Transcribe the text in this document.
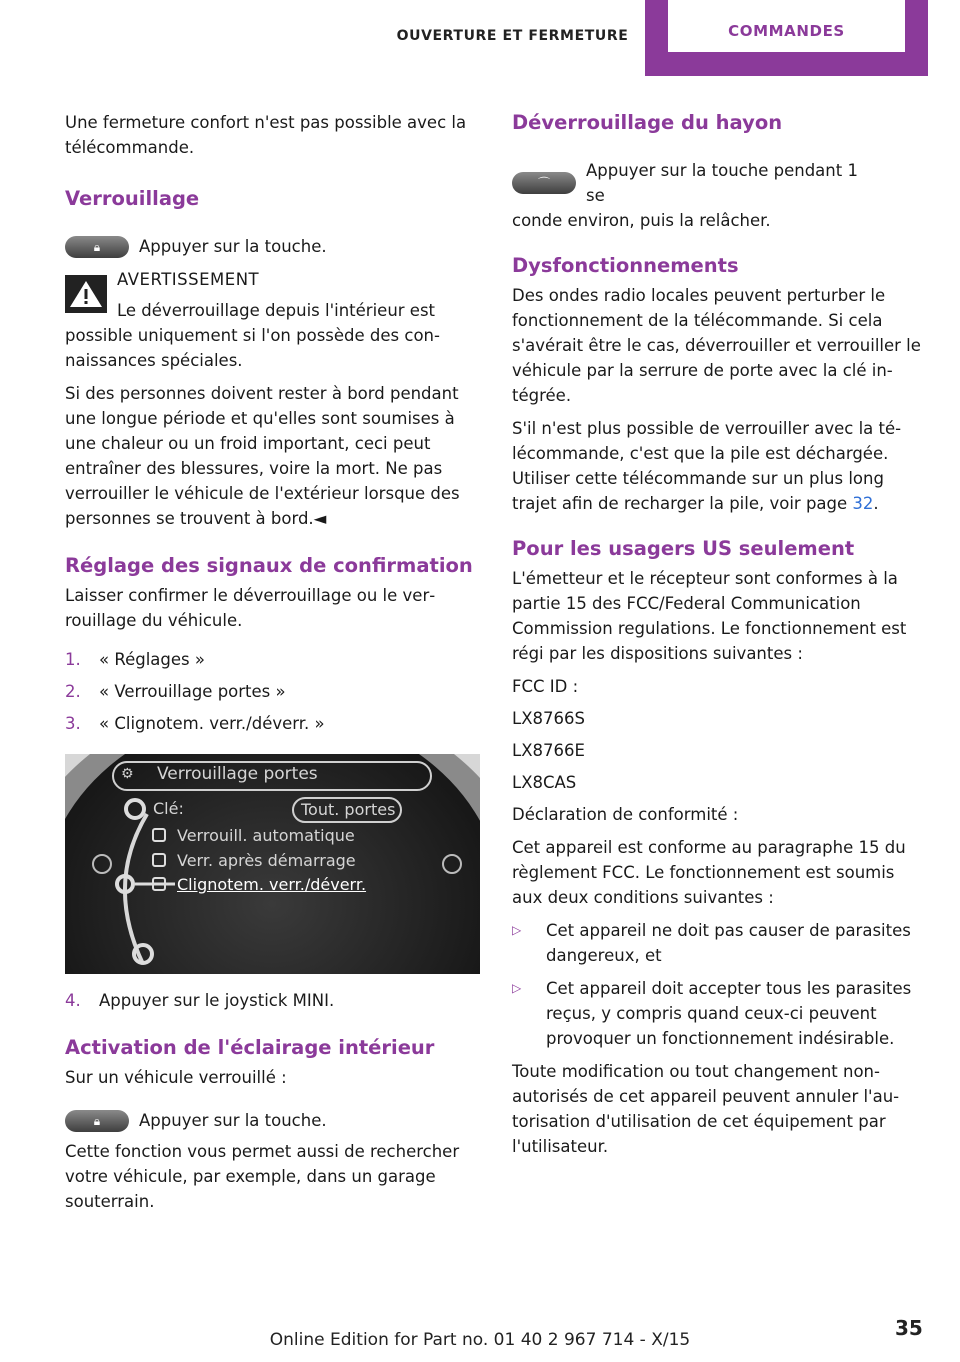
OUVERTURE ET FERMETURE	COMMANDES

Une fermeture confort n'est pas possible avec la télécommande.

Verrouillage
🔒︎	Appuyer sur la touche.

AVERTISSEMENT

Le déverrouillage depuis l'intérieur est

possible uniquement si l'on possède des connaissances spéciales.

Si des personnes doivent rester à bord pendant une longue période et qu'elles sont soumises à une chaleur ou un froid important, ceci peut entraîner des blessures, voire la mort. Ne pas verrouiller le véhicule de l'extérieur lorsque des personnes se trouvent à bord.◄

Réglage des signaux de confirmation

Laisser confirmer le déverrouillage ou le verrouillage du véhicule.

1.	« Réglages »
2.	« Verrouillage portes »
3.	« Clignotem. verr./déverr. »
⚙ Verrouillage portes
Clé:	Tout. portes
Verrouill. automatique
Verr. après démarrage
Clignotem. verr./déverr.
4.	Appuyer sur le joystick MINI.
Activation de l'éclairage intérieur

Sur un véhicule verrouillé :

🔒︎	Appuyer sur la touche.

Cette fonction vous permet aussi de rechercher votre véhicule, par exemple, dans un garage souterrain.

Déverrouillage du hayon
⌒

Appuyer sur la touche pendant 1 se

conde environ, puis la relâcher.

Dysfonctionnements

Des ondes radio locales peuvent perturber le fonctionnement de la télécommande. Si cela s'avérait être le cas, déverrouiller et verrouiller le véhicule par la serrure de porte avec la clé intégrée.

S'il n'est plus possible de verrouiller avec la télécommande, c'est que la pile est déchargée. Utiliser cette télécommande sur un plus long trajet afin de recharger la pile, voir page 32.

Pour les usagers US seulement

L'émetteur et le récepteur sont conformes à la partie 15 des FCC/Federal Communication Commission regulations. Le fonctionnement est régi par les dispositions suivantes :

FCC ID :

LX8766S

LX8766E

LX8CAS

Déclaration de conformité :

Cet appareil est conforme au paragraphe 15 du règlement FCC. Le fonctionnement est soumis aux deux conditions suivantes :

▷	Cet appareil ne doit pas causer de parasites dangereux, et
▷	Cet appareil doit accepter tous les parasites reçus, y compris quand ceux-ci peuvent provoquer un fonctionnement indésirable.

Toute modification ou tout changement non-autorisés de cet appareil peuvent annuler l'autorisation d'utilisation de cet équipement par l'utilisateur.

Online Edition for Part no. 01 40 2 967 714 - X/15	35
